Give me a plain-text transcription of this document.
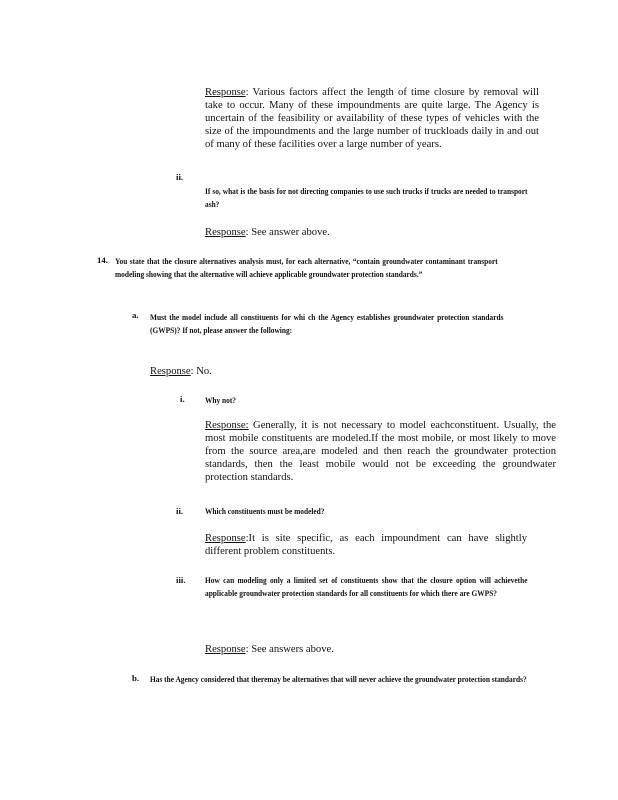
Response: Various factors affect the length of time closure by removal will take to occur. Many of these impoundments are quite large. The Agency is uncertain of the feasibility or availability of these types of vehicles with the size of the impoundments and the large number of truckloads daily in and out of many of these facilities over a large number of years.
ii.
If so, what is the basis for not directing companies to use such trucks if trucks are needed to transport ash?
Response: See answer above.
14. You state that the closure alternatives analysis must, for each alternative, “contain groundwater contaminant transport modeling showing that the alternative will achieve applicable groundwater protection standards.”
a. Must the model include all constituents for whi ch the Agency establishes groundwater protection standards (GWPS)? If not, please answer the following:
Response: No.
i. Why not?
Response: Generally, it is not necessary to model eachconstituent. Usually, the most mobile constituents are modeled.If the most mobile, or most likely to move from the source area,are modeled and then reach the groundwater protection standards, then the least mobile would not be exceeding the groundwater protection standards.
ii.	Which constituents must be modeled?
Response:It is site specific, as each impoundment can have slightly different problem constituents.
iii. How can modeling only a limited set of constituents show that the closure option will achievethe applicable groundwater protection standards for all constituents for which there are GWPS?
Response: See answers above.
b. Has the Agency considered that theremay be alternatives that will never achieve the groundwater protection standards?
